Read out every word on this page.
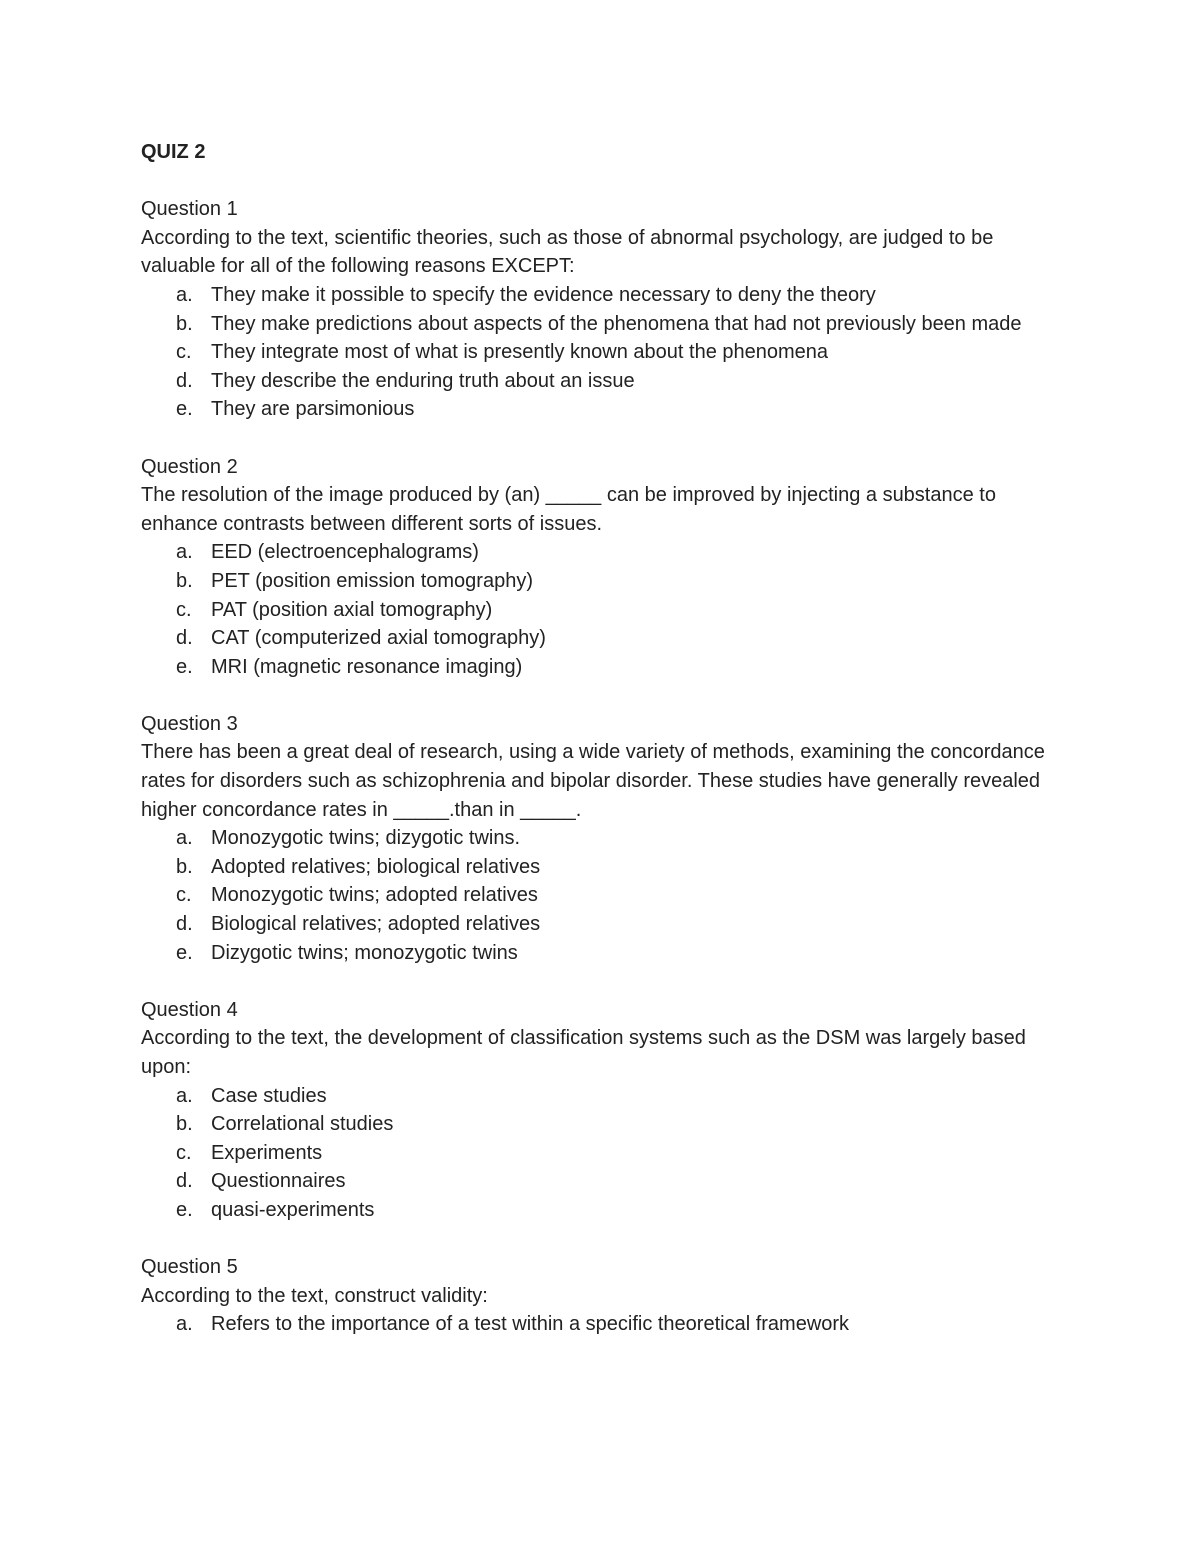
QUIZ 2
Question 1
According to the text, scientific theories, such as those of abnormal psychology, are judged to be valuable for all of the following reasons EXCEPT:
a. They make it possible to specify the evidence necessary to deny the theory
b. They make predictions about aspects of the phenomena that had not previously been made
c. They integrate most of what is presently known about the phenomena
d. They describe the enduring truth about an issue
e. They are parsimonious
Question 2
The resolution of the image produced by (an) _____ can be improved by injecting a substance to enhance contrasts between different sorts of issues.
a. EED (electroencephalograms)
b. PET (position emission tomography)
c. PAT (position axial tomography)
d. CAT (computerized axial tomography)
e. MRI (magnetic resonance imaging)
Question 3
There has been a great deal of research, using a wide variety of methods, examining the concordance rates for disorders such as schizophrenia and bipolar disorder. These studies have generally revealed higher concordance rates in _____.than in _____.
a. Monozygotic twins; dizygotic twins.
b. Adopted relatives; biological relatives
c. Monozygotic twins; adopted relatives
d. Biological relatives; adopted relatives
e. Dizygotic twins; monozygotic twins
Question 4
According to the text, the development of classification systems such as the DSM was largely based upon:
a. Case studies
b. Correlational studies
c. Experiments
d. Questionnaires
e. quasi-experiments
Question 5
According to the text, construct validity:
a. Refers to the importance of a test within a specific theoretical framework
